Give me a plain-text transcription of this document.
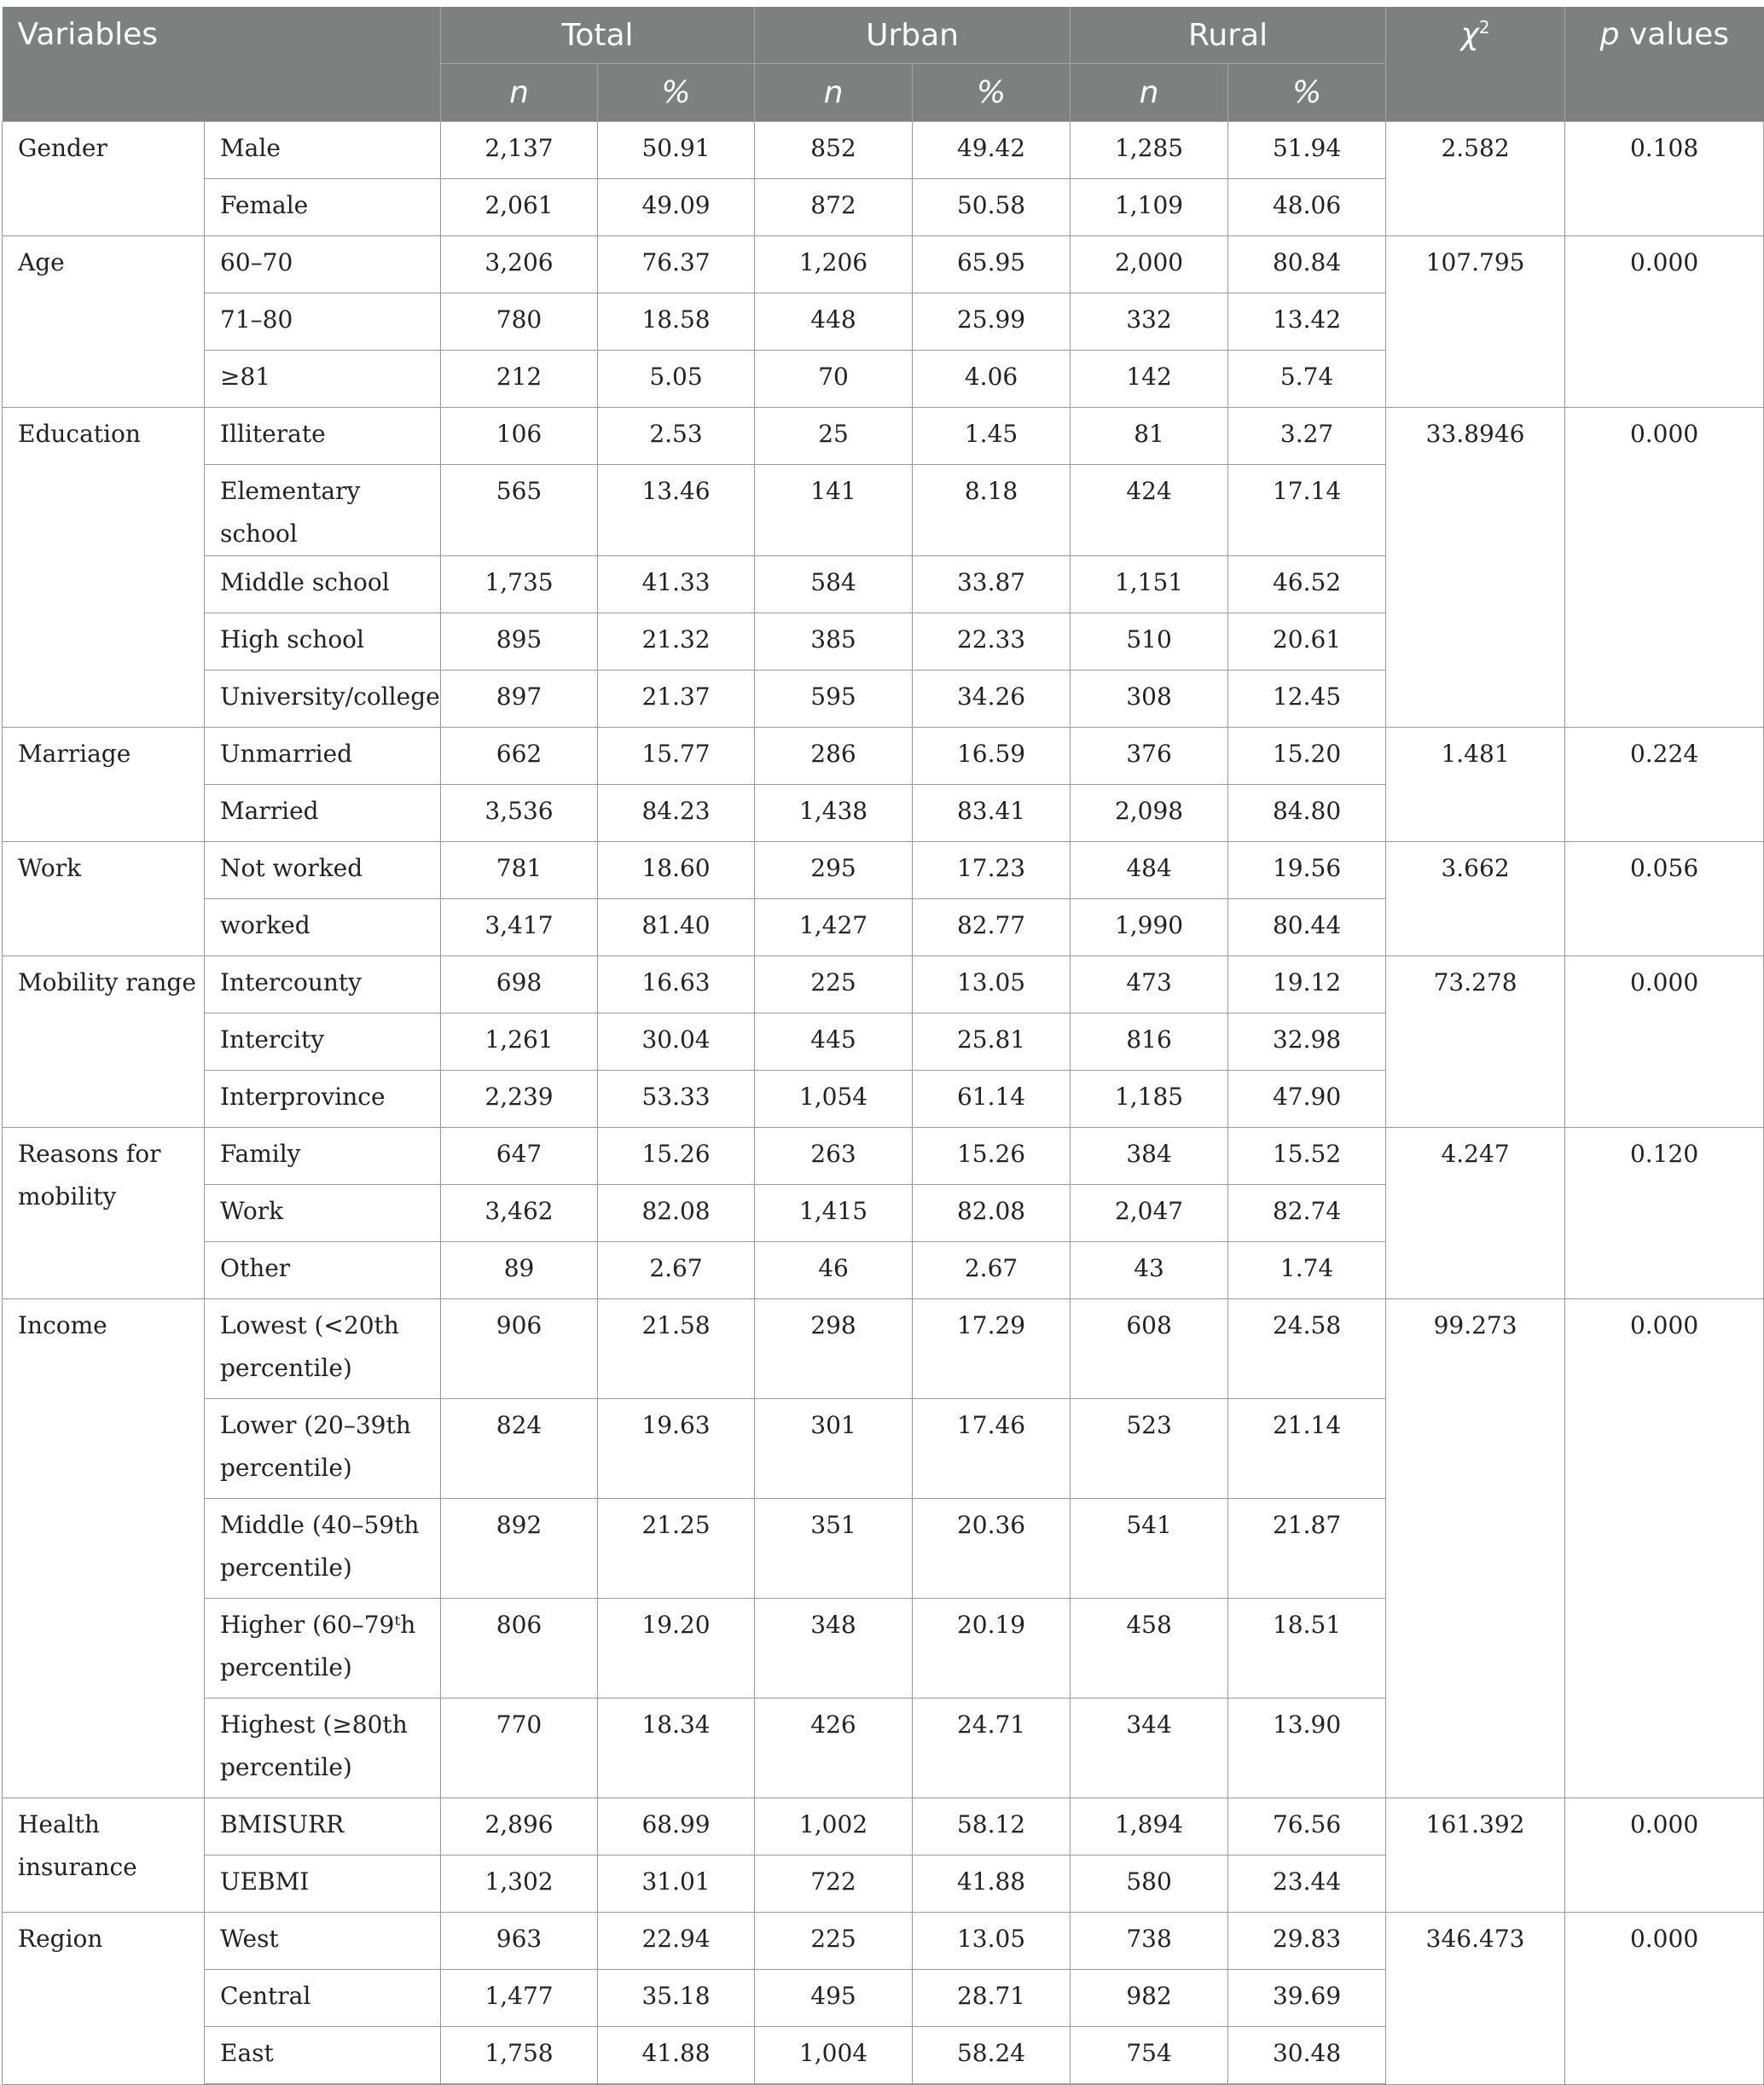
Variables		Total		Urban		Rural		$\chi^2$	p values
		n	%	n	%	n	%		
Gender	Male	2,137	50.91	852	49.42	1,285	51.94	2.582	0.108
	Female	2,061	49.09	872	50.58	1,109	48.06		
Age	60–70	3,206	76.37	1,206	65.95	2,000	80.84	107.795	0.000
	71–80	780	18.58	448	25.99	332	13.42		
	≥81	212	5.05	70	4.06	142	5.74		
Education	Illiterate	106	2.53	25	1.45	81	3.27	33.8946	0.000
	Elementary school	565	13.46	141	8.18	424	17.14		
	Middle school	1,735	41.33	584	33.87	1,151	46.52		
	High school	895	21.32	385	22.33	510	20.61		
	University/college	897	21.37	595	34.26	308	12.45		
Marriage	Unmarried	662	15.77	286	16.59	376	15.20	1.481	0.224
	Married	3,536	84.23	1,438	83.41	2,098	84.80		
Work	Not worked	781	18.60	295	17.23	484	19.56	3.662	0.056
	worked	3,417	81.40	1,427	82.77	1,990	80.44		
Mobility range	Intercounty	698	16.63	225	13.05	473	19.12	73.278	0.000
	Intercity	1,261	30.04	445	25.81	816	32.98		
	Interprovince	2,239	53.33	1,054	61.14	1,185	47.90		
Reasons for mobility	Family	647	15.26	263	15.26	384	15.52	4.247	0.120
	Work	3,462	82.08	1,415	82.08	2,047	82.74		
	Other	89	2.67	46	2.67	43	1.74		
Income	Lowest (<20th percentile)	906	21.58	298	17.29	608	24.58	99.273	0.000
	Lower (20–39th percentile)	824	19.63	301	17.46	523	21.14		
	Middle (40–59th percentile)	892	21.25	351	20.36	541	21.87		
	Higher (60–79ᵗh percentile)	806	19.20	348	20.19	458	18.51		
	Highest (≥80th percentile)	770	18.34	426	24.71	344	13.90		
Health insurance	BMISURR	2,896	68.99	1,002	58.12	1,894	76.56	161.392	0.000
	UEBMI	1,302	31.01	722	41.88	580	23.44		
Region	West	963	22.94	225	13.05	738	29.83	346.473	0.000
	Central	1,477	35.18	495	28.71	982	39.69		
	East	1,758	41.88	1,004	58.24	754	30.48		
